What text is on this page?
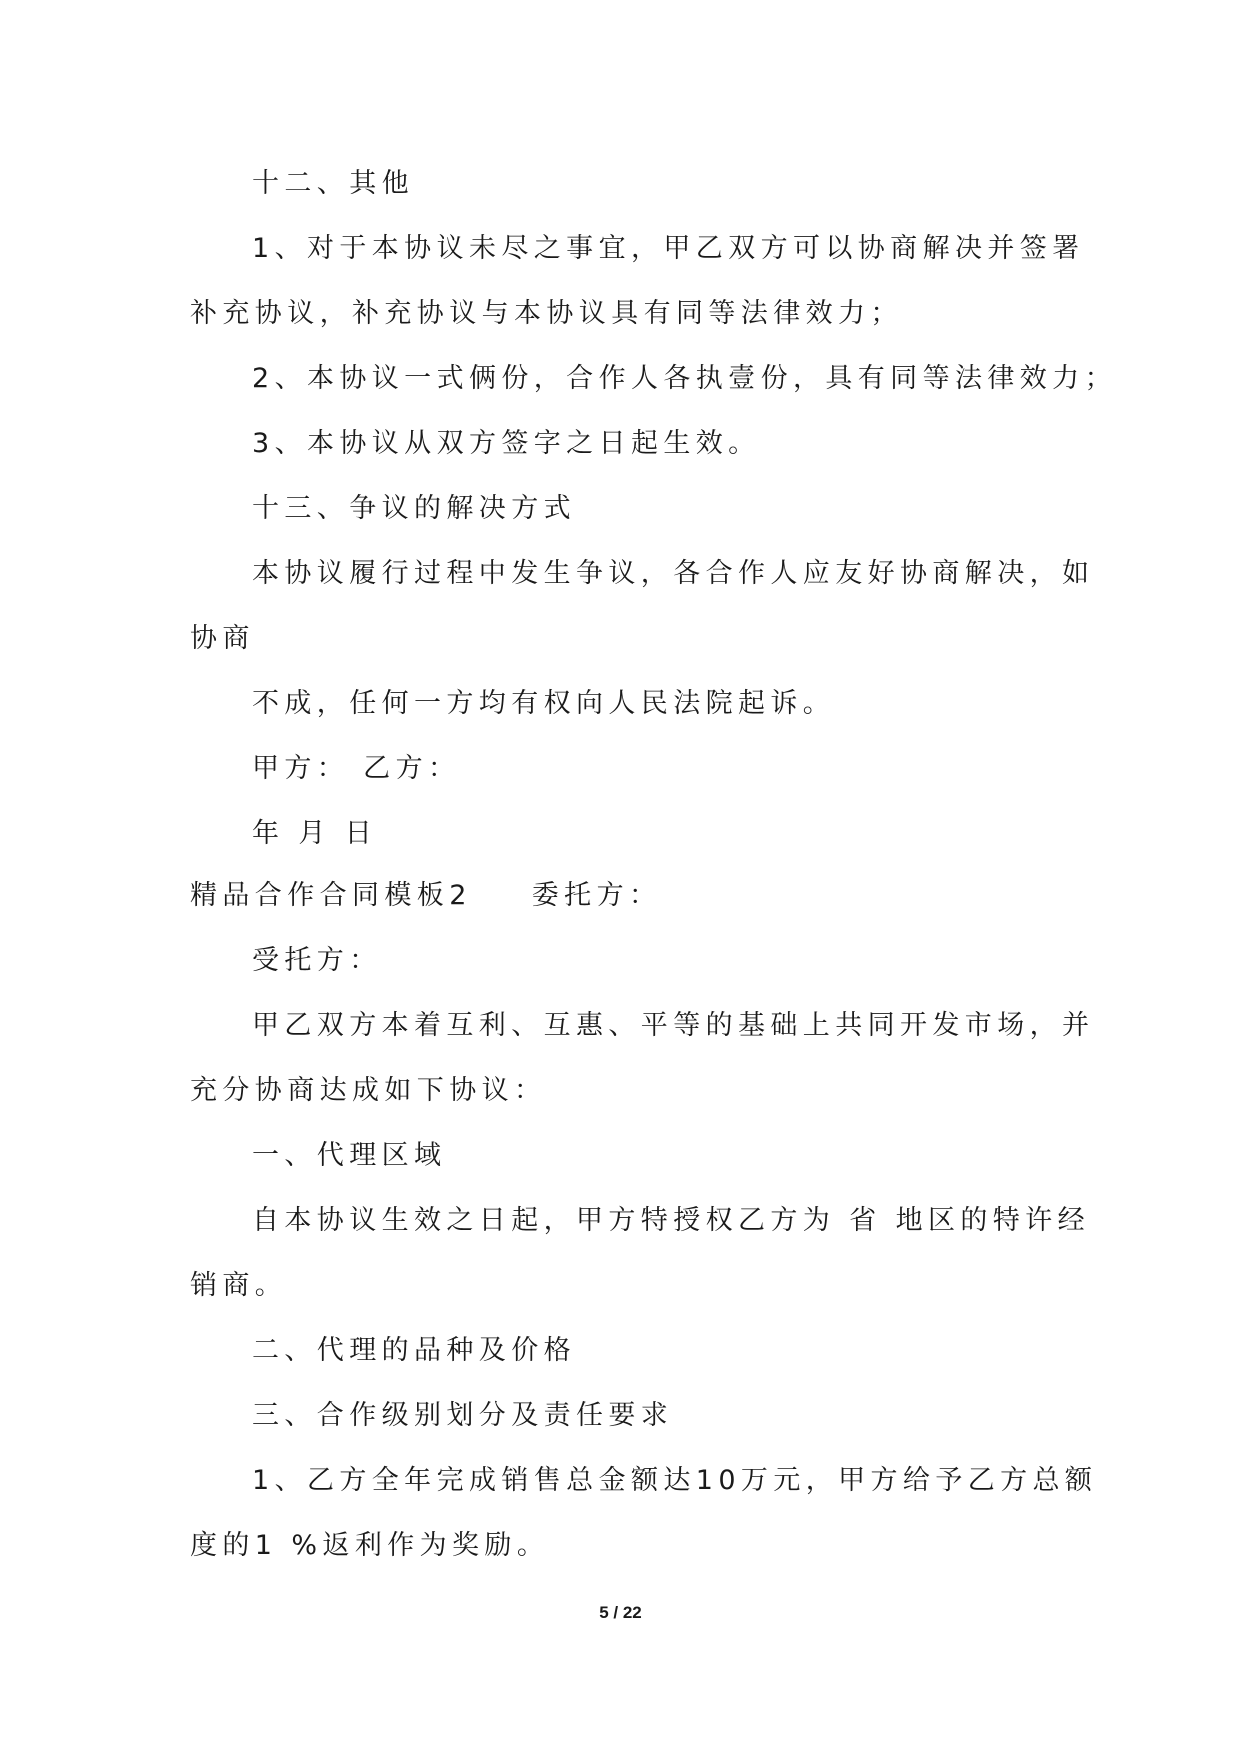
十二、其他

1、对于本协议未尽之事宜，甲乙双方可以协商解决并签署

补充协议，补充协议与本协议具有同等法律效力；

2、本协议一式俩份，合作人各执壹份，具有同等法律效力；

3、本协议从双方签字之日起生效。

十三、争议的解决方式

本协议履行过程中发生争议，各合作人应友好协商解决，如

协商

不成，任何一方均有权向人民法院起诉。

甲方： 乙方：

年 月 日

精品合作合同模板2 委托方：

受托方：

甲乙双方本着互利、互惠、平等的基础上共同开发市场，并

充分协商达成如下协议：

一、代理区域

自本协议生效之日起，甲方特授权乙方为 省 地区的特许经

销商。

二、代理的品种及价格

三、合作级别划分及责任要求

1、乙方全年完成销售总金额达10万元，甲方给予乙方总额

度的1 %返利作为奖励。

5 / 22
